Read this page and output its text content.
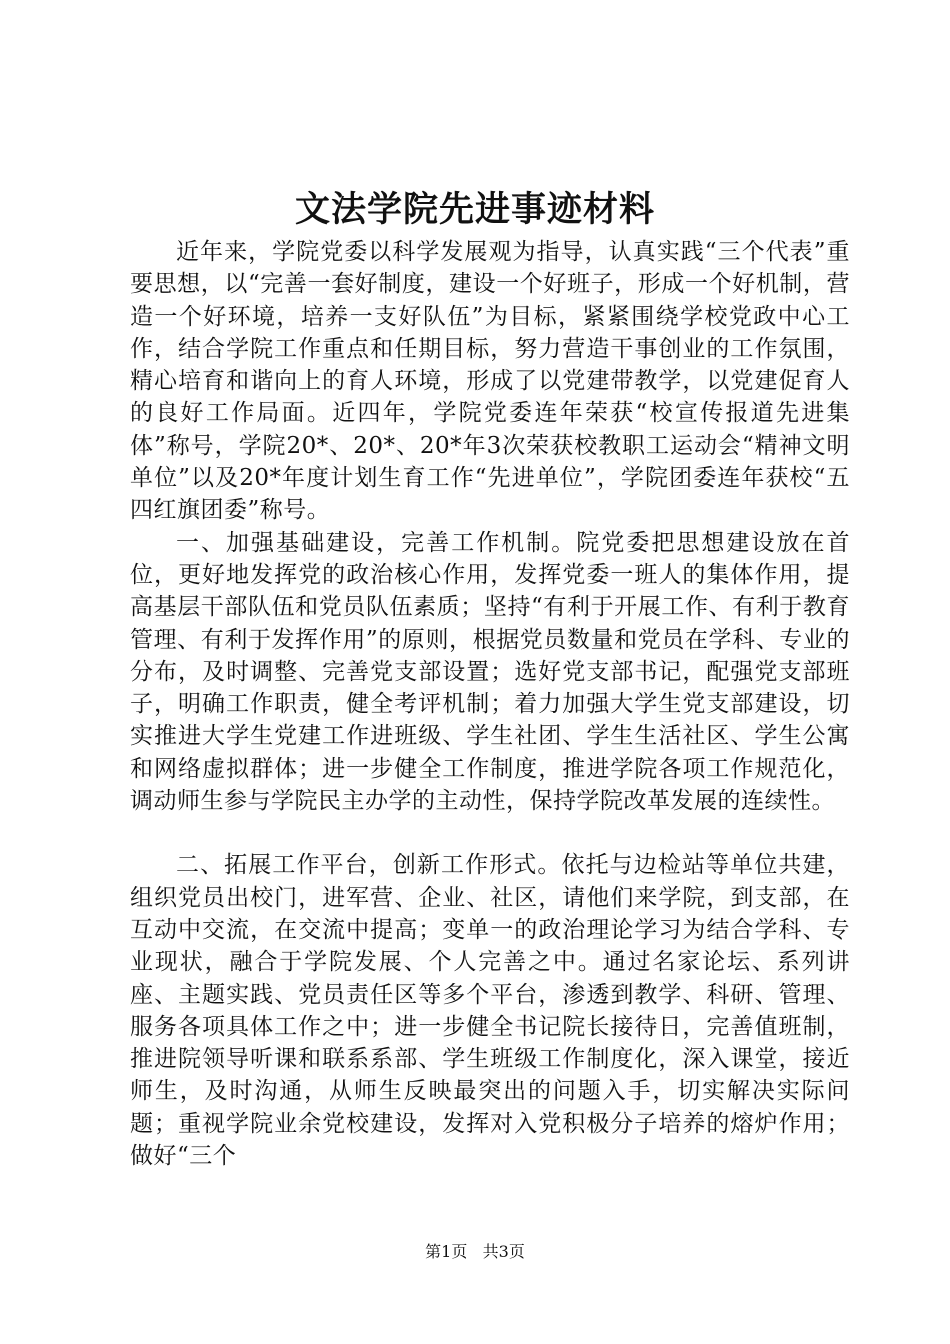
文法学院先进事迹材料

近年来，学院党委以科学发展观为指导，认真实践“三个代表”重要思想，以“完善一套好制度，建设一个好班子，形成一个好机制，营造一个好环境，培养一支好队伍”为目标，紧紧围绕学校党政中心工作，结合学院工作重点和任期目标，努力营造干事创业的工作氛围，精心培育和谐向上的育人环境，形成了以党建带教学，以党建促育人的良好工作局面。近四年，学院党委连年荣获“校宣传报道先进集体”称号，学院20*、20*、20*年3次荣获校教职工运动会“精神文明单位”以及20*年度计划生育工作“先进单位”，学院团委连年获校“五四红旗团委”称号。

一、加强基础建设，完善工作机制。院党委把思想建设放在首位，更好地发挥党的政治核心作用，发挥党委一班人的集体作用，提高基层干部队伍和党员队伍素质；坚持“有利于开展工作、有利于教育管理、有利于发挥作用”的原则，根据党员数量和党员在学科、专业的分布，及时调整、完善党支部设置；选好党支部书记，配强党支部班子，明确工作职责，健全考评机制；着力加强大学生党支部建设，切实推进大学生党建工作进班级、学生社团、学生生活社区、学生公寓和网络虚拟群体；进一步健全工作制度，推进学院各项工作规范化，调动师生参与学院民主办学的主动性，保持学院改革发展的连续性。

二、拓展工作平台，创新工作形式。依托与边检站等单位共建，组织党员出校门，进军营、企业、社区，请他们来学院，到支部，在互动中交流，在交流中提高；变单一的政治理论学习为结合学科、专业现状，融合于学院发展、个人完善之中。通过名家论坛、系列讲座、主题实践、党员责任区等多个平台，渗透到教学、科研、管理、服务各项具体工作之中；进一步健全书记院长接待日，完善值班制，推进院领导听课和联系系部、学生班级工作制度化，深入课堂，接近师生，及时沟通，从师生反映最突出的问题入手，切实解决实际问题；重视学院业余党校建设，发挥对入党积极分子培养的熔炉作用；做好“三个

第1页 共3页
